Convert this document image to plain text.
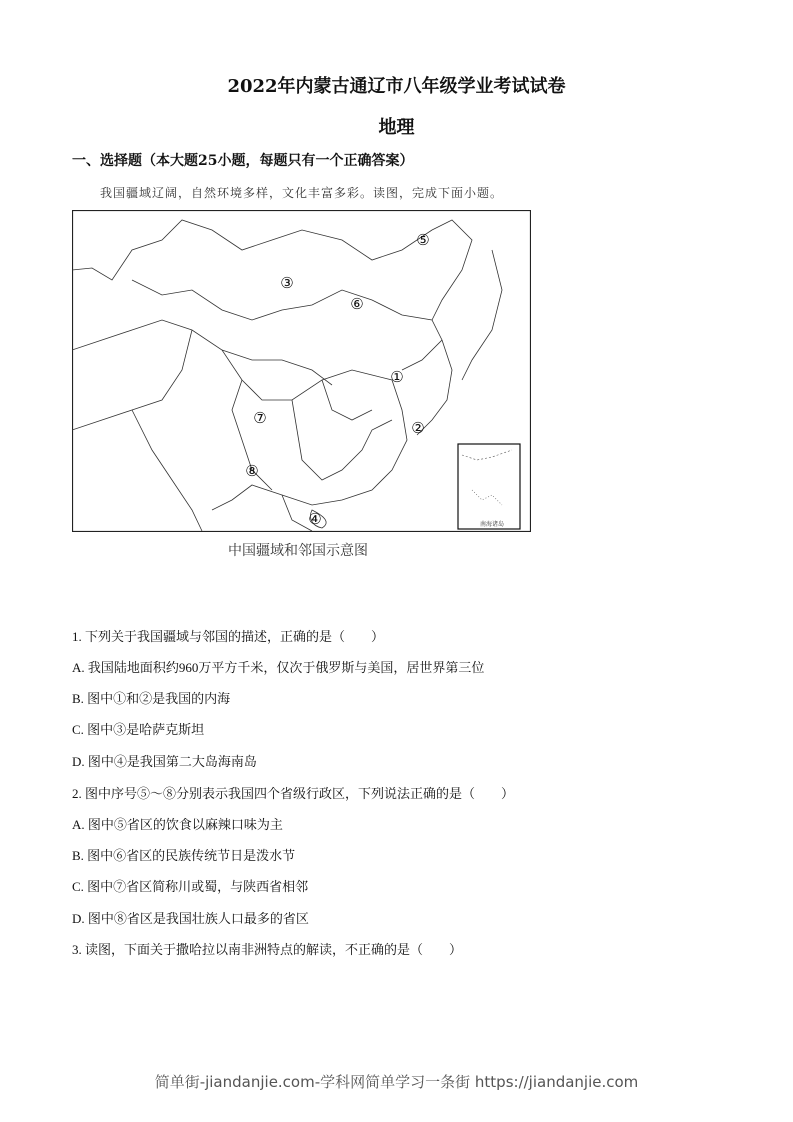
2022年内蒙古通辽市八年级学业考试试卷
地理
一、选择题（本大题25小题，每题只有一个正确答案）
我国疆域辽阔，自然环境多样，文化丰富多彩。读图，完成下面小题。
南海诸岛
③
⑤
⑥
①
②
⑦
⑧
④
中国疆域和邻国示意图
1. 下列关于我国疆域与邻国的描述，正确的是（　　）
A. 我国陆地面积约960万平方千米，仅次于俄罗斯与美国，居世界第三位
B. 图中①和②是我国的内海
C. 图中③是哈萨克斯坦
D. 图中④是我国第二大岛海南岛
2. 图中序号⑤～⑧分别表示我国四个省级行政区，下列说法正确的是（　　）
A. 图中⑤省区的饮食以麻辣口味为主
B. 图中⑥省区的民族传统节日是泼水节
C. 图中⑦省区简称川或蜀，与陕西省相邻
D. 图中⑧省区是我国壮族人口最多的省区
3. 读图，下面关于撒哈拉以南非洲特点的解读，不正确的是（　　）
简单街-jiandanjie.com-学科网简单学习一条街 https://jiandanjie.com
